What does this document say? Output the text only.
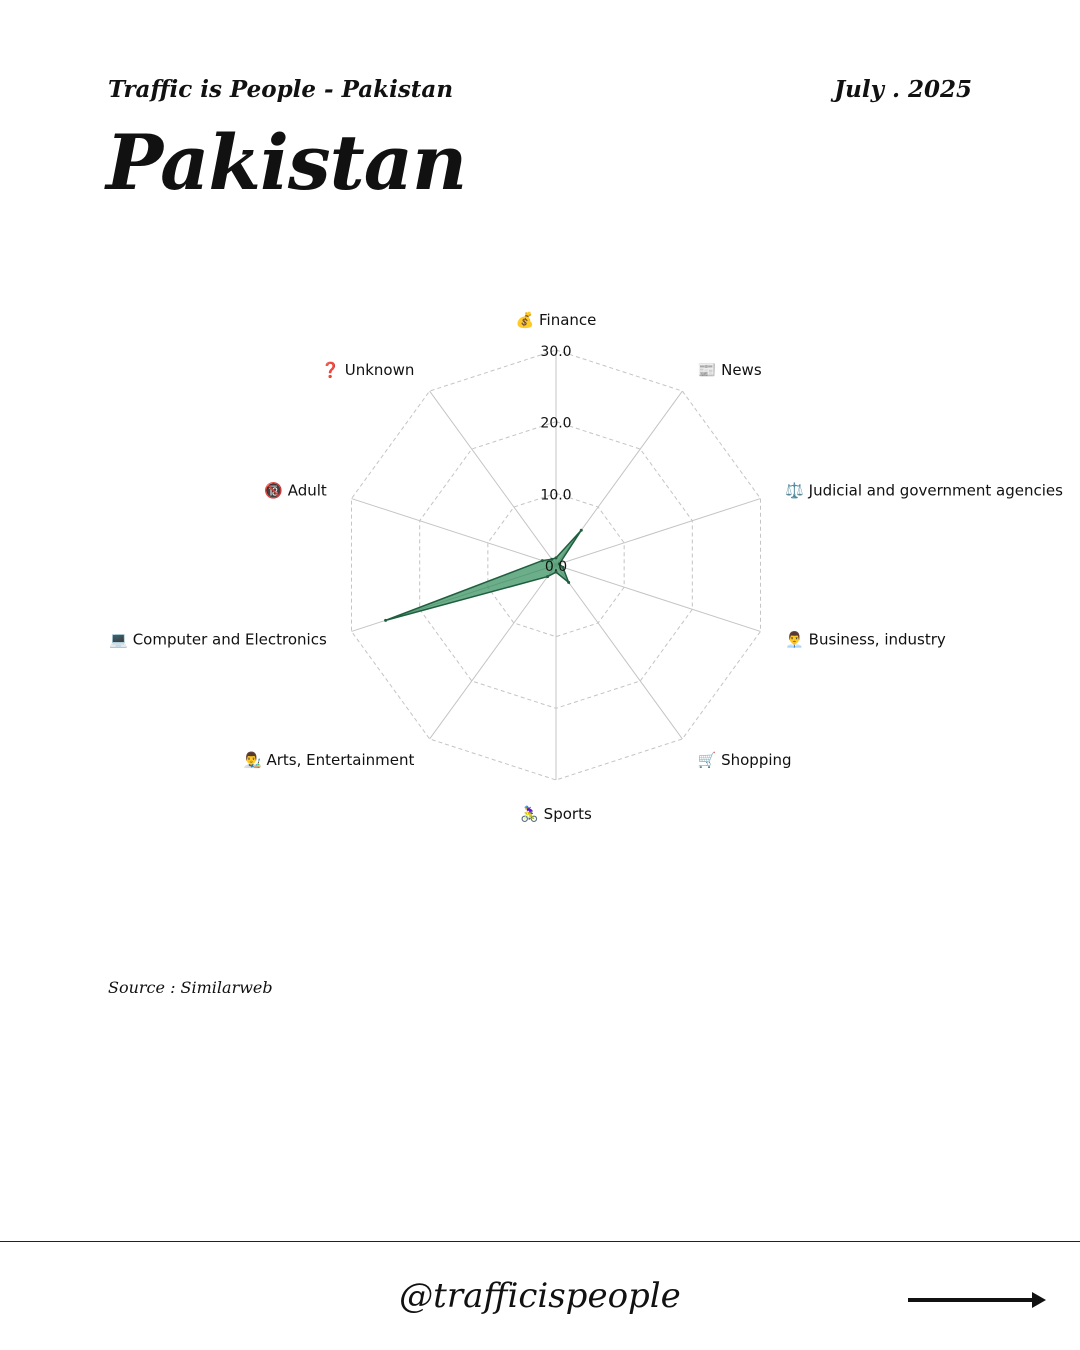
Traffic is People - Pakistan	July . 2025
Pakistan
0.0
10.0
20.0
30.0
💰 Finance
📰 News
⚖️ Judicial and government agencies
👨‍💼 Business, industry
🛒 Shopping
🚴‍♀️ Sports
👨‍🎨 Arts, Entertainment
💻 Computer and Electronics
🔞 Adult
❓ Unknown
Source : Similarweb
@trafficispeople
